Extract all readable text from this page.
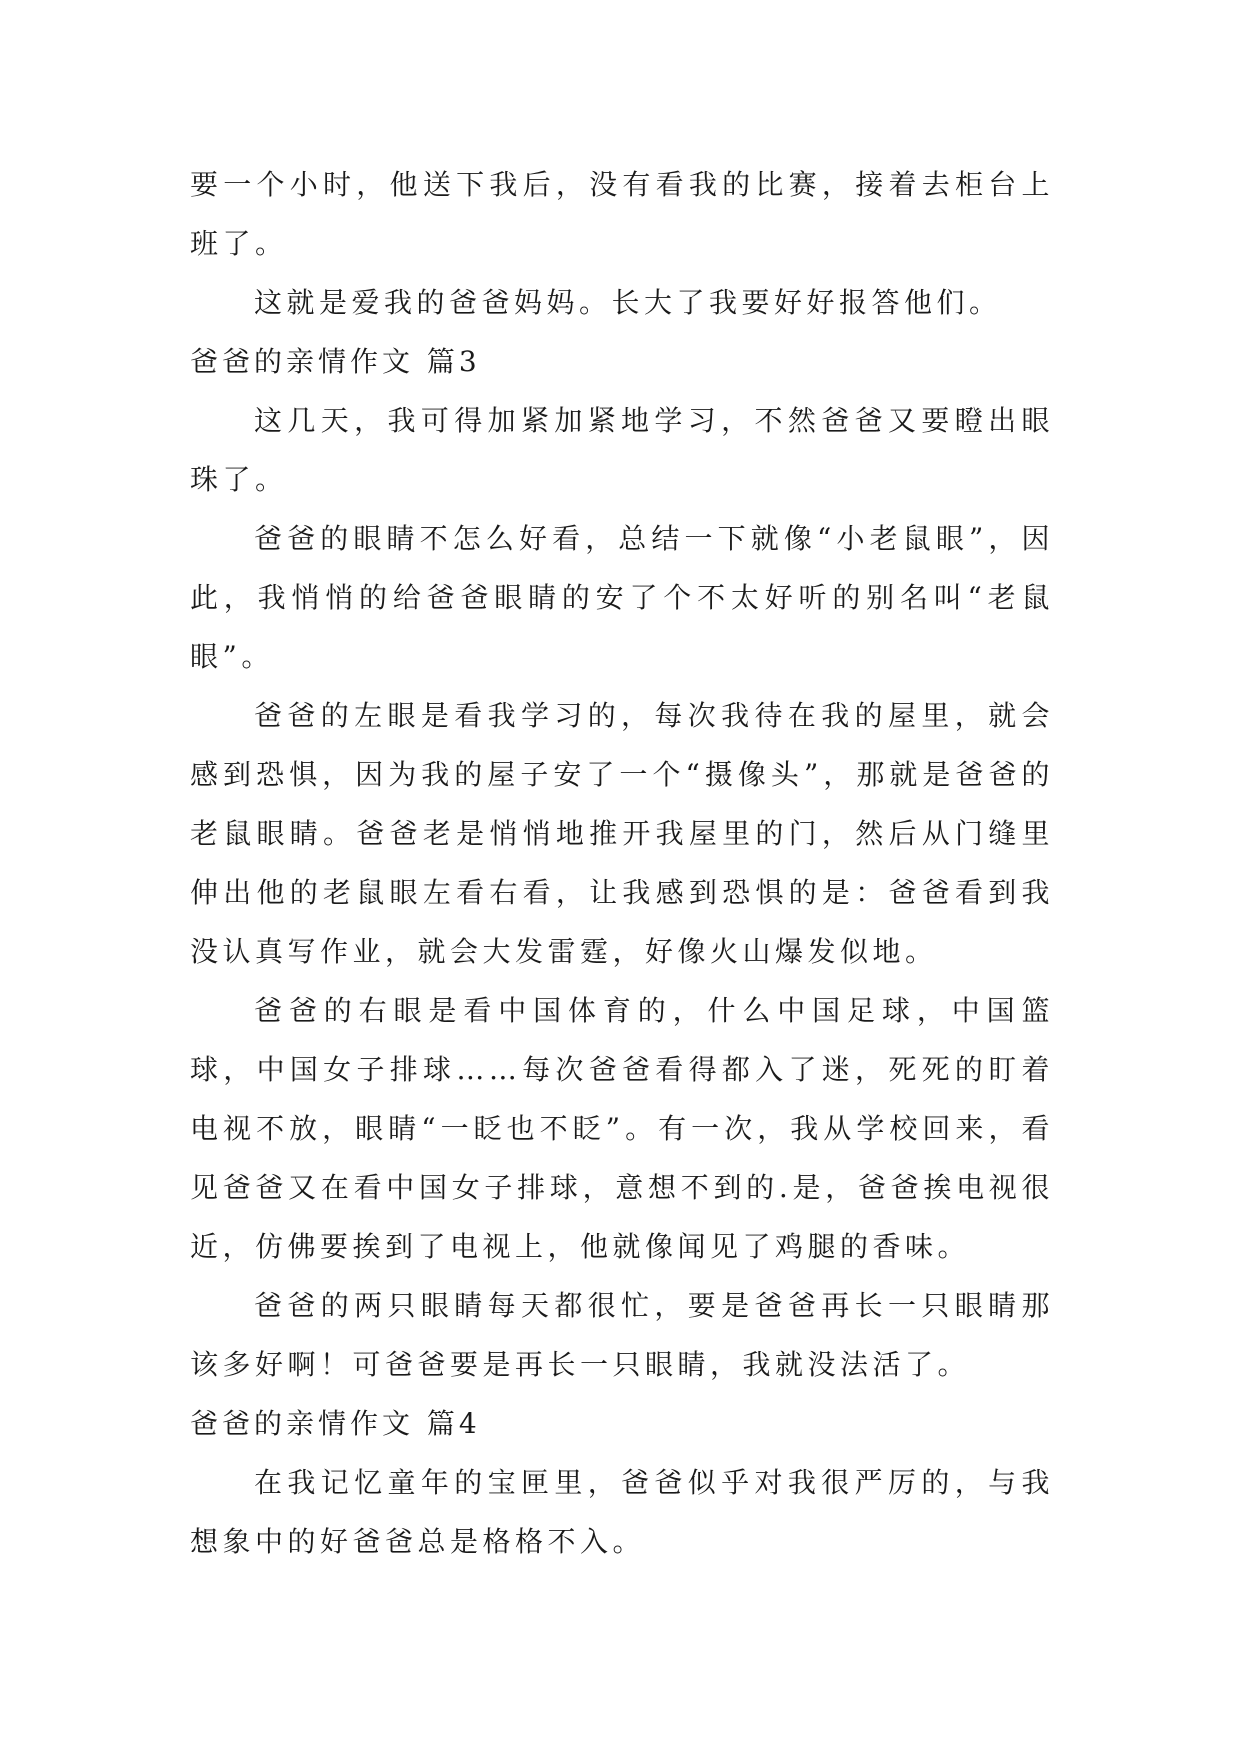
要一个小时，他送下我后，没有看我的比赛，接着去柜台上班了。

这就是爱我的爸爸妈妈。长大了我要好好报答他们。

爸爸的亲情作文 篇3

这几天，我可得加紧加紧地学习，不然爸爸又要瞪出眼珠了。

爸爸的眼睛不怎么好看，总结一下就像“小老鼠眼”，因此，我悄悄的给爸爸眼睛的安了个不太好听的别名叫“老鼠眼”。

爸爸的左眼是看我学习的，每次我待在我的屋里，就会感到恐惧，因为我的屋子安了一个“摄像头”，那就是爸爸的老鼠眼睛。爸爸老是悄悄地推开我屋里的门，然后从门缝里伸出他的老鼠眼左看右看，让我感到恐惧的是：爸爸看到我没认真写作业，就会大发雷霆，好像火山爆发似地。

爸爸的右眼是看中国体育的，什么中国足球，中国篮球，中国女子排球……每次爸爸看得都入了迷，死死的盯着电视不放，眼睛“一眨也不眨”。有一次，我从学校回来，看见爸爸又在看中国女子排球，意想不到的.是，爸爸挨电视很近，仿佛要挨到了电视上，他就像闻见了鸡腿的香味。

爸爸的两只眼睛每天都很忙，要是爸爸再长一只眼睛那该多好啊！可爸爸要是再长一只眼睛，我就没法活了。

爸爸的亲情作文 篇4

在我记忆童年的宝匣里，爸爸似乎对我很严厉的，与我想象中的好爸爸总是格格不入。
